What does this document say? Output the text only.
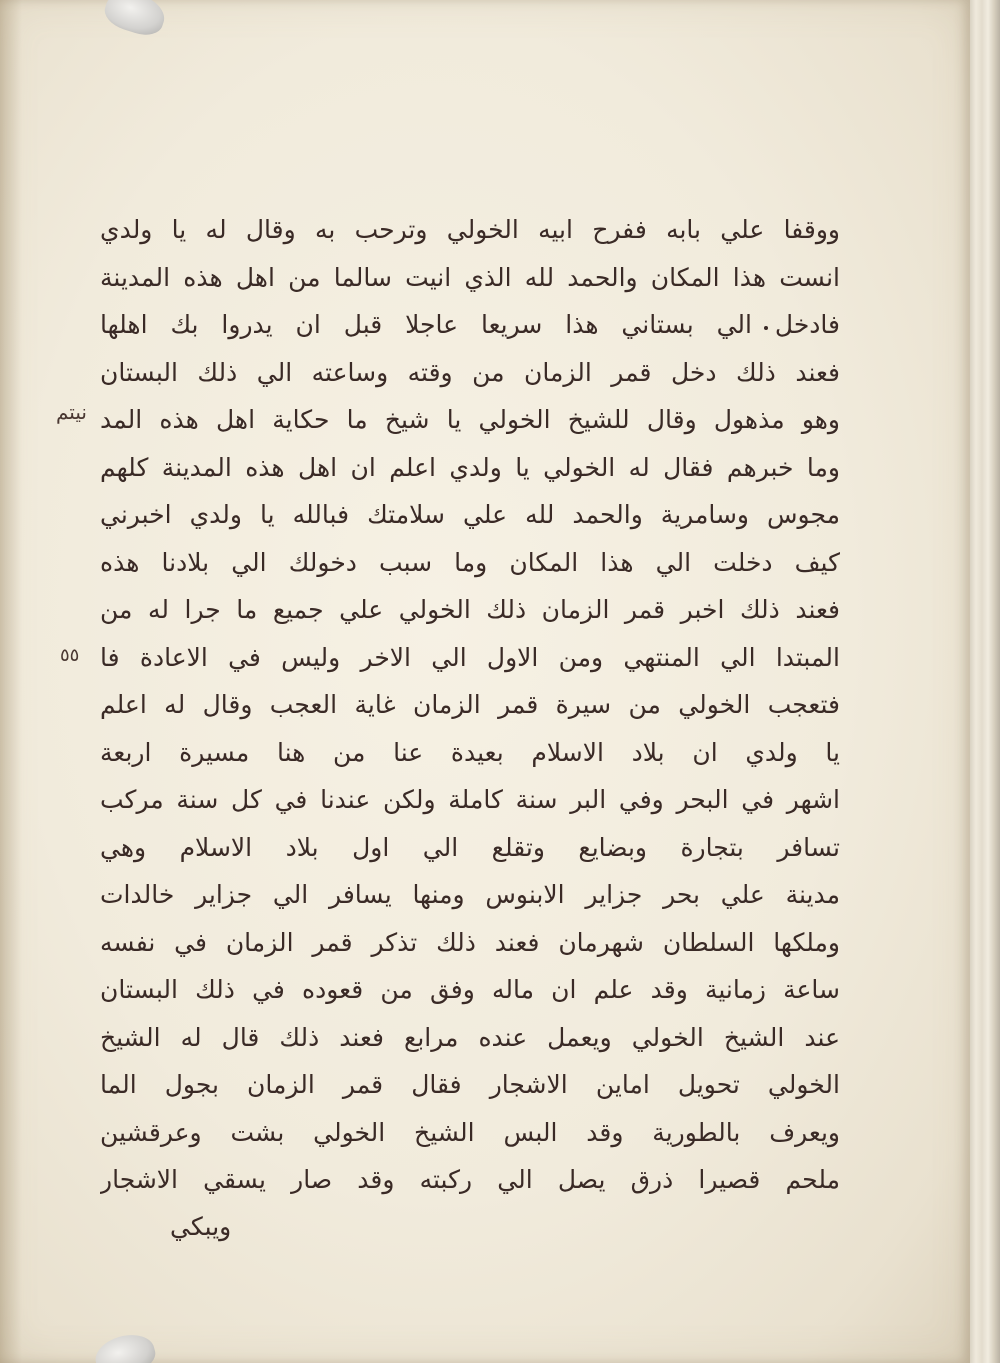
نيتم
٥٥
ووقفا علي بابه ففرح ابيه الخولي وترحب به وقال له يا ولدي
انست هذا المكان والحمد لله الذي انيت سالما من اهل هذه المدينة
فادخل الي بستاني هذا سريعا عاجلا قبل ان يدروا بك اهلها
فعند ذلك دخل قمر الزمان من وقته وساعته الي ذلك البستان
وهو مذهول وقال للشيخ الخولي يا شيخ ما حكاية اهل هذه المد
وما خبرهم فقال له الخولي يا ولدي اعلم ان اهل هذه المدينة كلهم
مجوس وسامرية والحمد لله علي سلامتك فبالله يا ولدي اخبرني
كيف دخلت الي هذا المكان وما سبب دخولك الي بلادنا هذه
فعند ذلك اخبر قمر الزمان ذلك الخولي علي جميع ما جرا له من
المبتدا الي المنتهي ومن الاول الي الاخر وليس في الاعادة فا
فتعجب الخولي من سيرة قمر الزمان غاية العجب وقال له اعلم
يا ولدي ان بلاد الاسلام بعيدة عنا من هنا مسيرة اربعة
اشهر في البحر وفي البر سنة كاملة ولكن عندنا في كل سنة مركب
تسافر بتجارة وبضايع وتقلع الي اول بلاد الاسلام وهي
مدينة علي بحر جزاير الابنوس ومنها يسافر الي جزاير خالدات
وملكها السلطان شهرمان فعند ذلك تذكر قمر الزمان في نفسه
ساعة زمانية وقد علم ان ماله وفق من قعوده في ذلك البستان
عند الشيخ الخولي ويعمل عنده مرابع فعند ذلك قال له الشيخ
الخولي تحويل اماين الاشجار فقال قمر الزمان بجول الما
ويعرف بالطورية وقد البس الشيخ الخولي بشت وعرقشين
ملحم قصيرا ذرق يصل الي ركبته وقد صار يسقي الاشجار
ويبكي
